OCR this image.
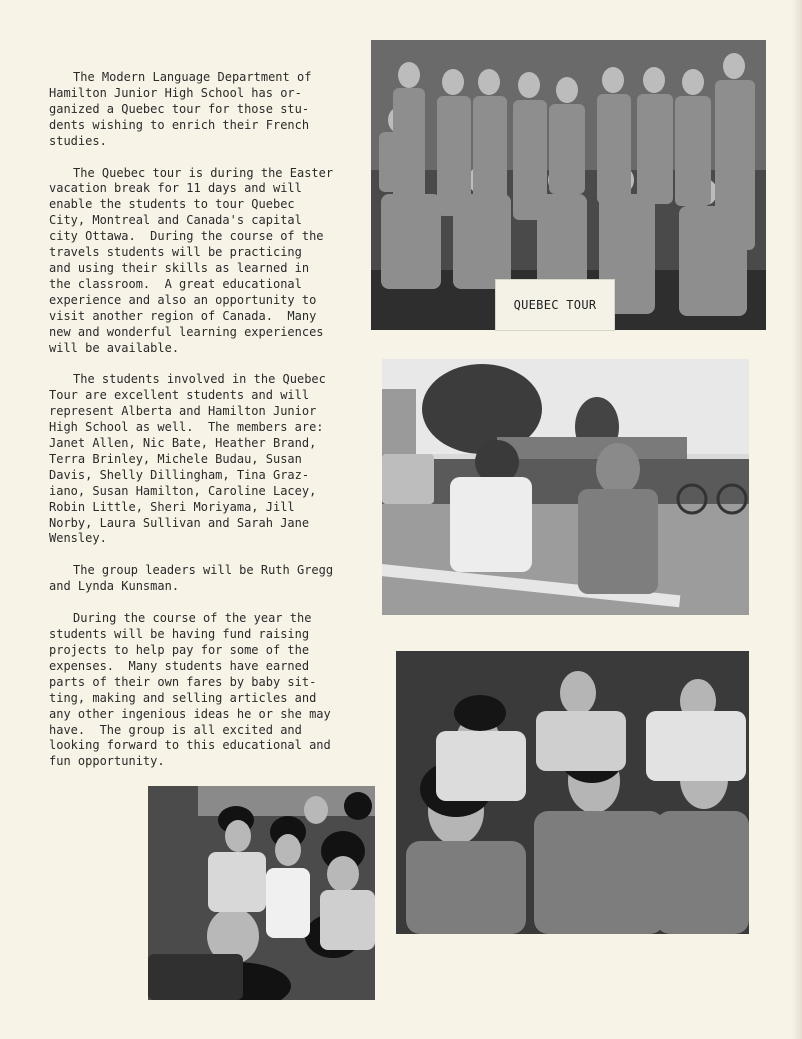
The Modern Language Department of
Hamilton Junior High School has or-
ganized a Quebec tour for those stu-
dents wishing to enrich their French
studies.

The Quebec tour is during the Easter
vacation break for 11 days and will
enable the students to tour Quebec
City, Montreal and Canada's capital
city Ottawa.  During the course of the
travels students will be practicing
and using their skills as learned in
the classroom.  A great educational
experience and also an opportunity to
visit another region of Canada.  Many
new and wonderful learning experiences
will be available.

The students involved in the Quebec
Tour are excellent students and will
represent Alberta and Hamilton Junior
High School as well.  The members are:
Janet Allen, Nic Bate, Heather Brand,
Terra Brinley, Michele Budau, Susan
Davis, Shelly Dillingham, Tina Graz-
iano, Susan Hamilton, Caroline Lacey,
Robin Little, Sheri Moriyama, Jill
Norby, Laura Sullivan and Sarah Jane
Wensley.

The group leaders will be Ruth Gregg
and Lynda Kunsman.

During the course of the year the
students will be having fund raising
projects to help pay for some of the
expenses.  Many students have earned
parts of their own fares by baby sit-
ting, making and selling articles and
any other ingenious ideas he or she may
have.  The group is all excited and
looking forward to this educational and
fun opportunity.

QUEBEC TOUR
